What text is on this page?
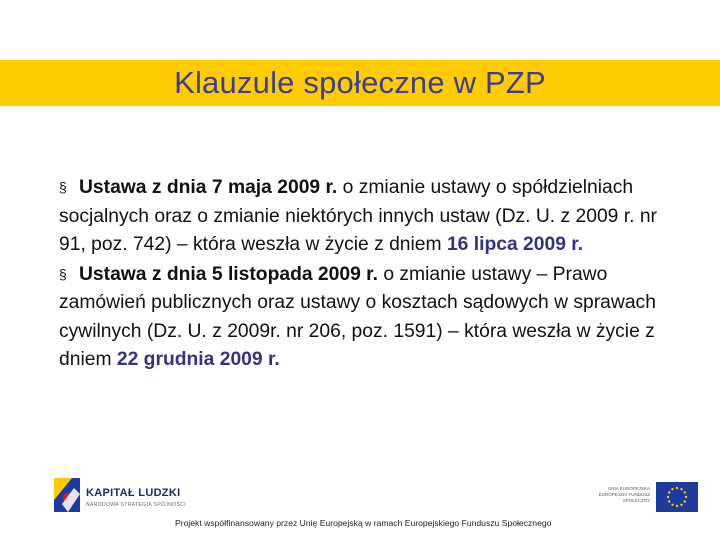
Klauzule społeczne w PZP

§ Ustawa z dnia 7 maja 2009 r. o zmianie ustawy o spółdzielniach socjalnych oraz o zmianie niektórych innych ustaw (Dz. U. z 2009 r. nr 91, poz. 742) – która weszła w życie z dniem 16 lipca 2009 r.

§ Ustawa z dnia 5 listopada 2009 r. o zmianie ustawy – Prawo zamówień publicznych oraz ustawy o kosztach sądowych w sprawach cywilnych (Dz. U. z 2009r. nr 206, poz. 1591) – która weszła w życie z dniem 22 grudnia 2009 r.

KAPITAŁ LUDZKI
NARODOWA STRATEGIA SPÓJNOŚCI
UNIA EUROPEJSKA EUROPEJSKI FUNDUSZ SPOŁECZNY
Projekt współfinansowany przez Unię Europejską w ramach Europejskiego Funduszu Społecznego
